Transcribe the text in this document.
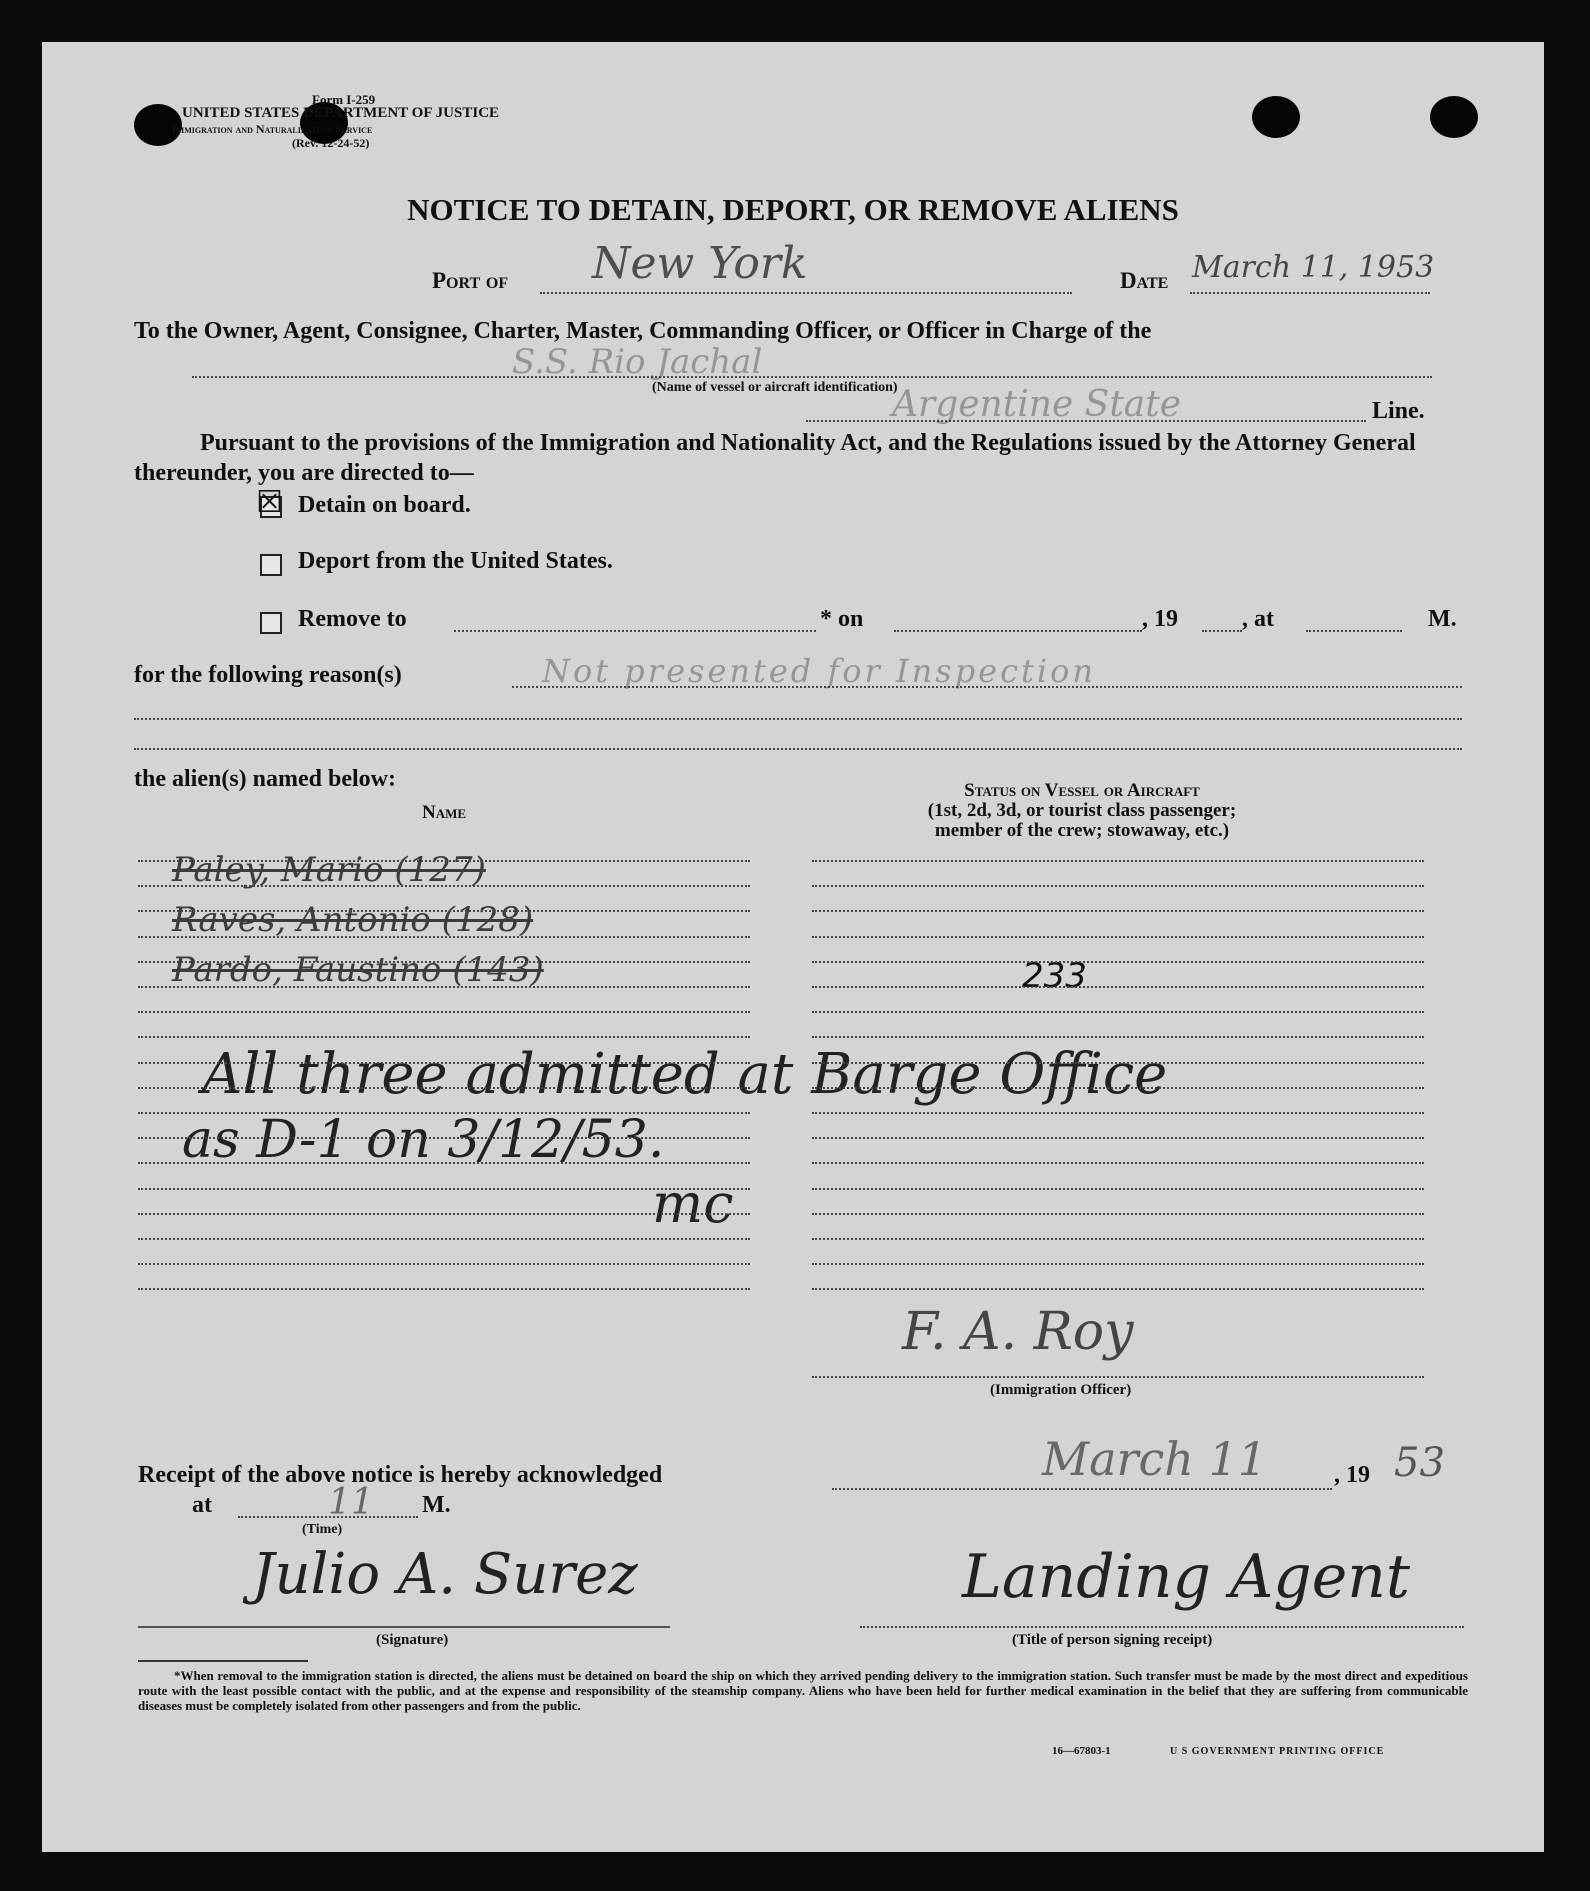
Form I-259
UNITED STATES DEPARTMENT OF JUSTICE
Immigration and Naturalization Service
(Rev. 12-24-52)
NOTICE TO DETAIN, DEPORT, OR REMOVE ALIENS
Port of New York	Date March 11, 1953
To the Owner, Agent, Consignee, Charter, Master, Commanding Officer, or Officer in Charge of the
S.S. Rio Jachal
(Name of vessel or aircraft identification)
Argentine State	Line.
Pursuant to the provisions of the Immigration and Nationality Act, and the Regulations issued by the Attorney General thereunder, you are directed to—
☒ Detain on board.
Deport from the United States.
Remove to	* on	, 19	, at	M.
for the following reason(s)	Not presented for Inspection
the alien(s) named below:
Name
Status on Vessel or Aircraft
(1st, 2d, 3d, or tourist class passenger;
member of the crew; stowaway, etc.)
Paley, Mario (127)
Raves, Antonio (128)
Pardo, Faustino (143)	233
All three admitted at Barge Office
as D-1 on 3/12/53.
mc
F. A. Roy
(Immigration Officer)
Receipt of the above notice is hereby acknowledged	March 11	, 19 53
at	11 M.
(Time)
Julio A. Surez
(Signature)
Landing Agent
(Title of person signing receipt)
*When removal to the immigration station is directed, the aliens must be detained on board the ship on which they arrived pending delivery to the immigration station. Such transfer must be made by the most direct and expeditious route with the least possible contact with the public, and at the expense and responsibility of the steamship company. Aliens who have been held for further medical examination in the belief that they are suffering from communicable diseases must be completely isolated from other passengers and from the public.
16—67803-1	U S GOVERNMENT PRINTING OFFICE
